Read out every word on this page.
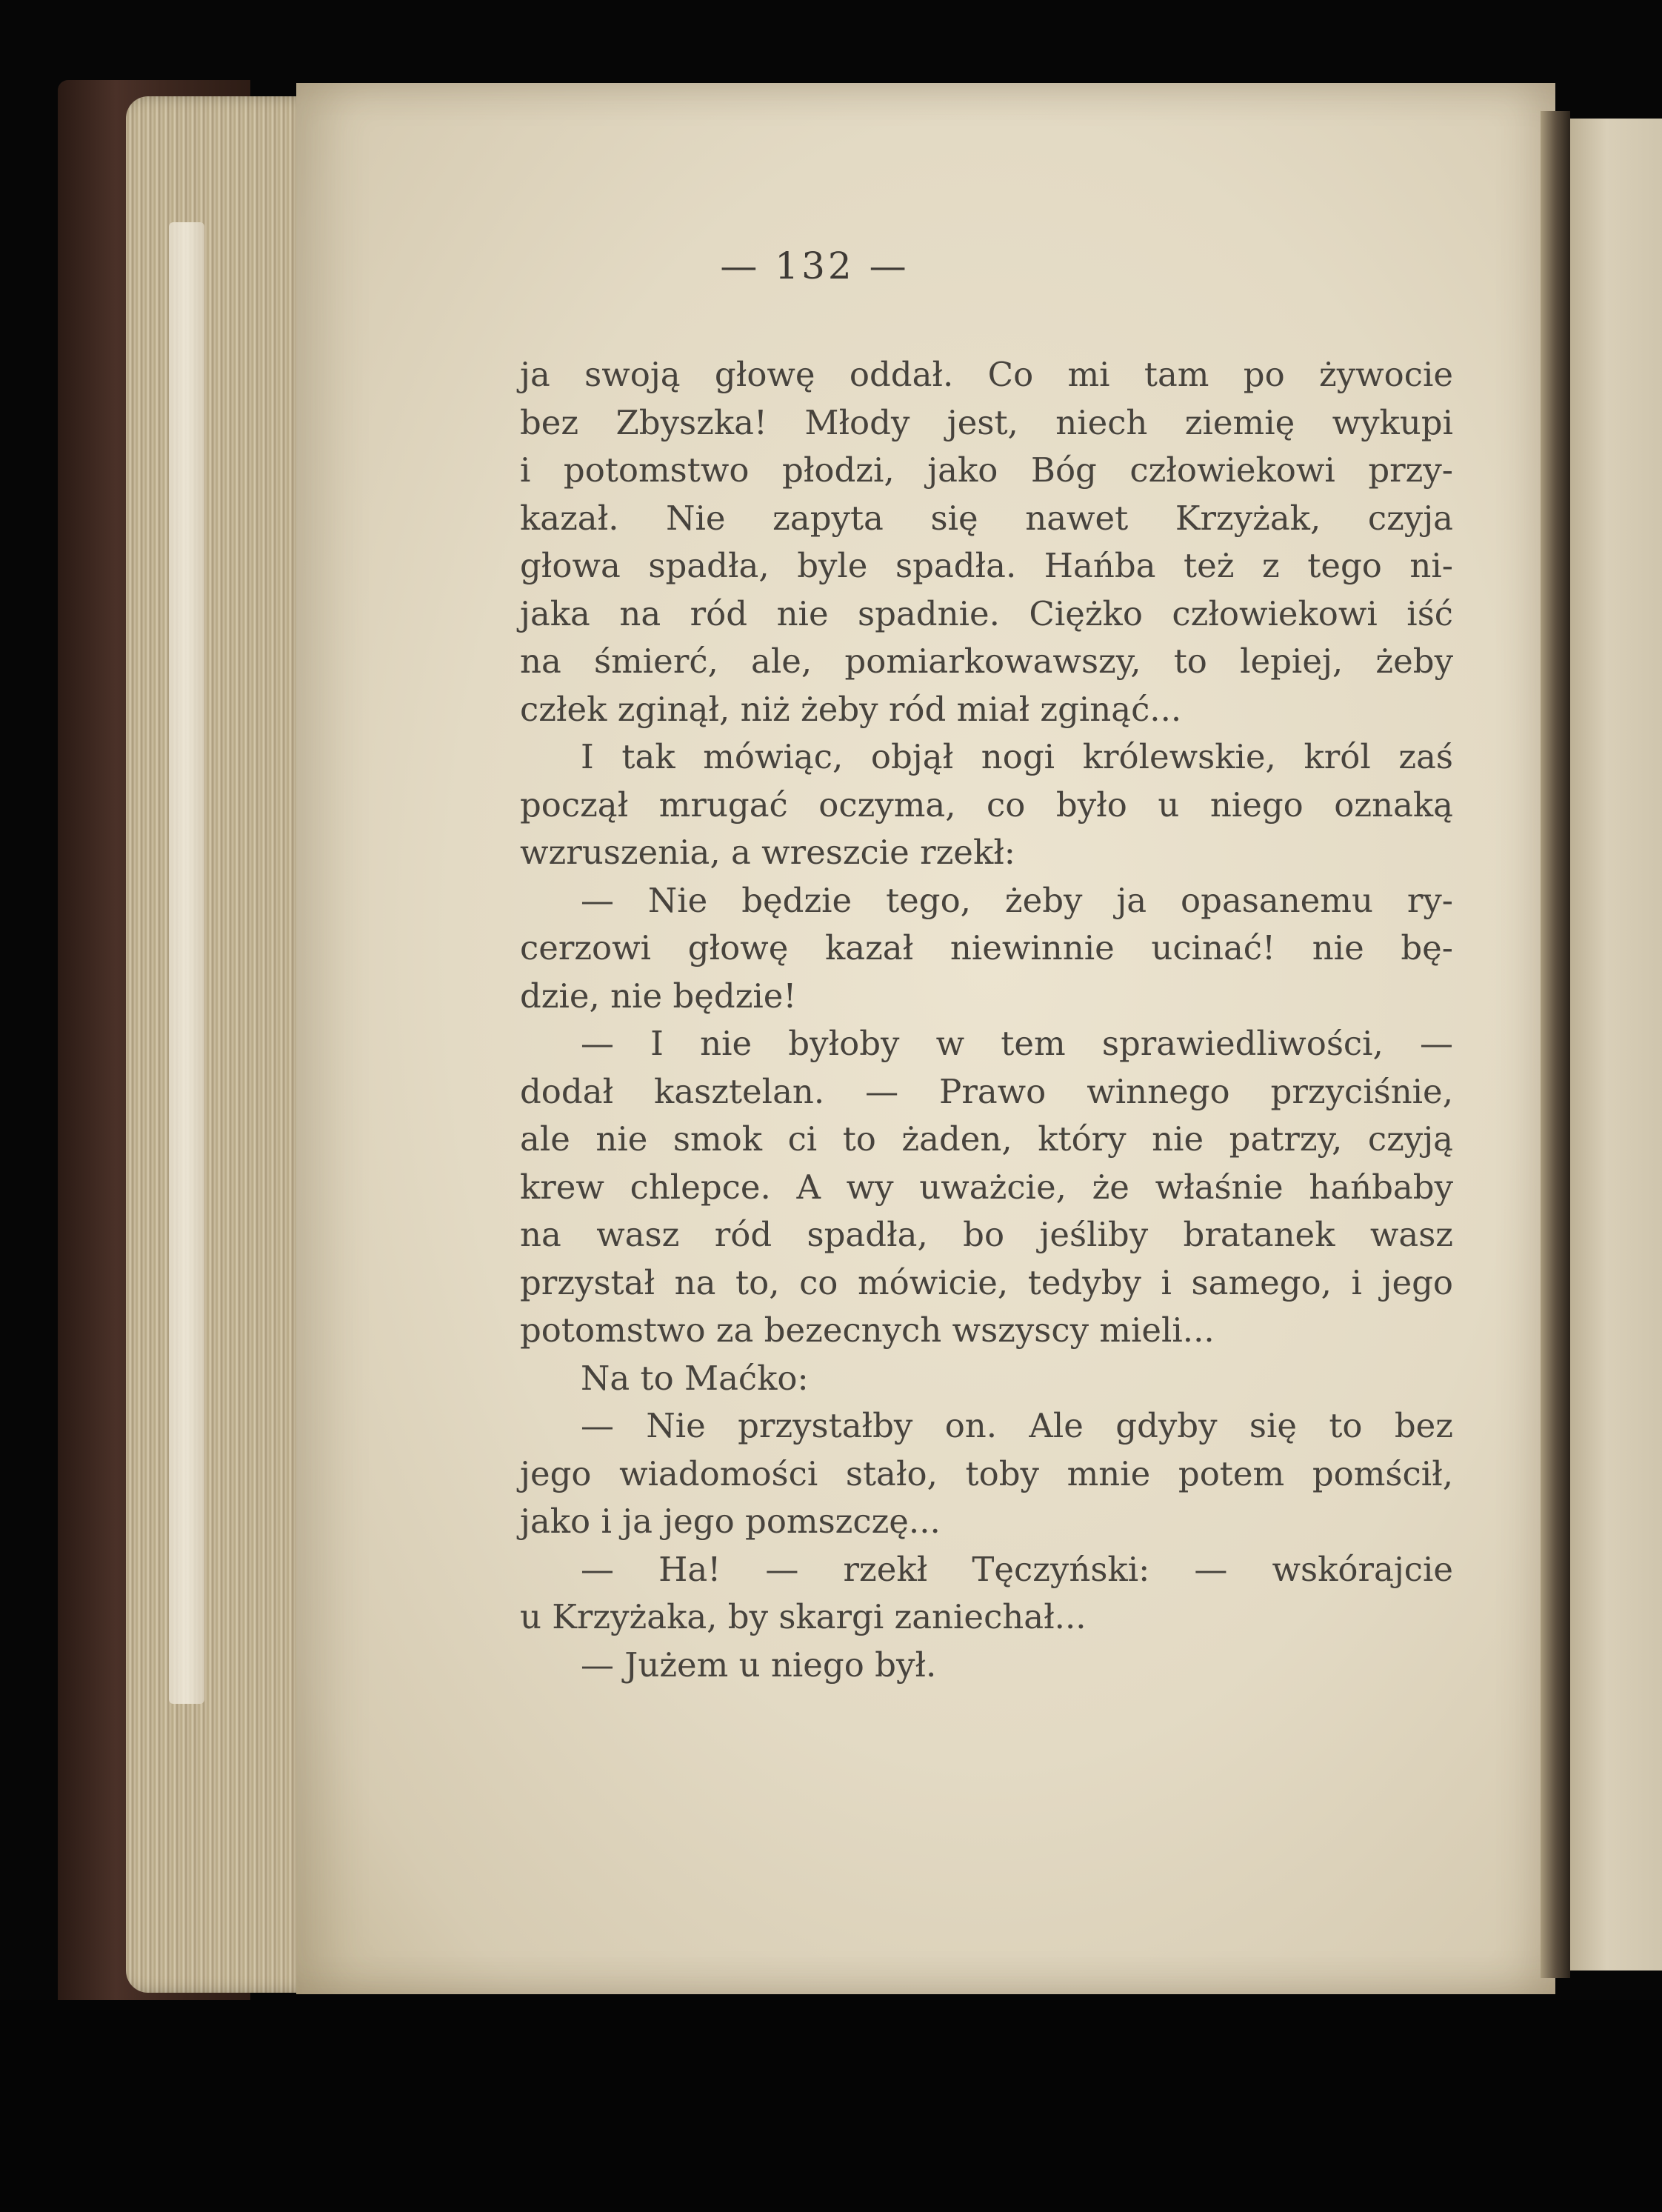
— 132 —
ja swoją głowę oddał. Co mi tam po żywocie
bez Zbyszka! Młody jest, niech ziemię wykupi
i potomstwo płodzi, jako Bóg człowiekowi przy-
kazał. Nie zapyta się nawet Krzyżak, czyja
głowa spadła, byle spadła. Hańba też z tego ni-
jaka na ród nie spadnie. Ciężko człowiekowi iść
na śmierć, ale, pomiarkowawszy, to lepiej, żeby
człek zginął, niż żeby ród miał zginąć...
I tak mówiąc, objął nogi królewskie, król zaś
począł mrugać oczyma, co było u niego oznaką
wzruszenia, a wreszcie rzekł:
— Nie będzie tego, żeby ja opasanemu ry-
cerzowi głowę kazał niewinnie ucinać! nie bę-
dzie, nie będzie!
— I nie byłoby w tem sprawiedliwości, —
dodał kasztelan. — Prawo winnego przyciśnie,
ale nie smok ci to żaden, który nie patrzy, czyją
krew chlepce. A wy uważcie, że właśnie hańbaby
na wasz ród spadła, bo jeśliby bratanek wasz
przystał na to, co mówicie, tedyby i samego, i jego
potomstwo za bezecnych wszyscy mieli...
Na to Maćko:
— Nie przystałby on. Ale gdyby się to bez
jego wiadomości stało, toby mnie potem pomścił,
jako i ja jego pomszczę...
— Ha! — rzekł Tęczyński: — wskórajcie
u Krzyżaka, by skargi zaniechał...
— Jużem u niego był.
